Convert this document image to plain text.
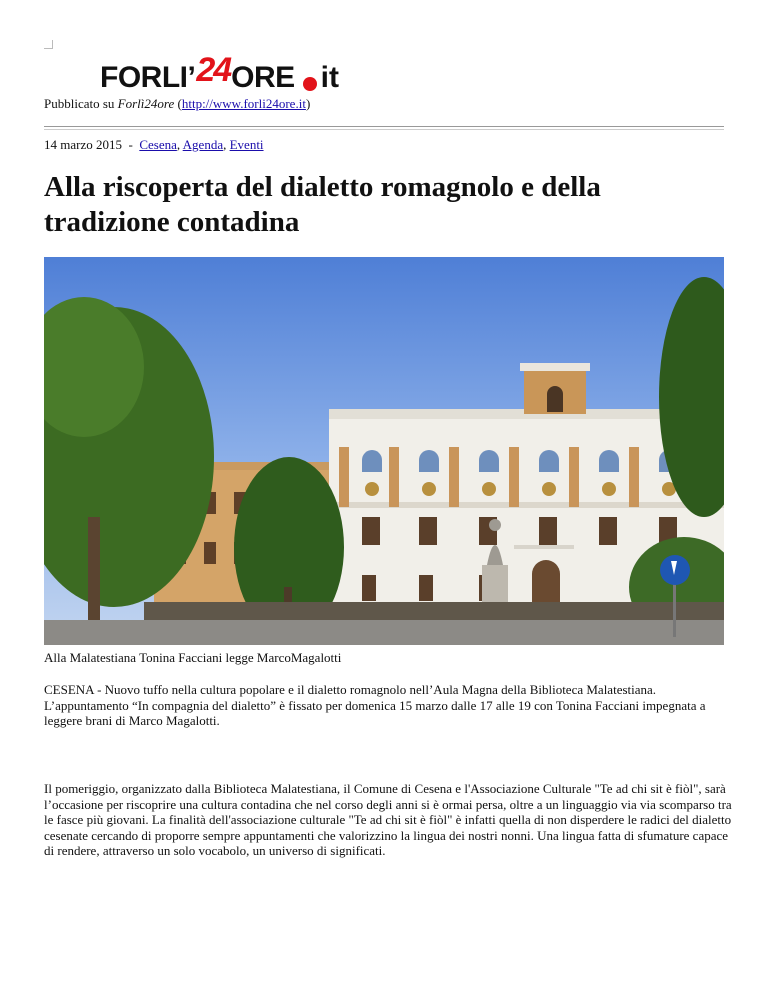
FORLI’ 24 ORE it
Pubblicato su Forlì24ore (http://www.forli24ore.it)
14 marzo 2015 - Cesena, Agenda, Eventi
Alla riscoperta del dialetto romagnolo e della tradizione contadina
Alla Malatestiana Tonina Facciani legge MarcoMagalotti

CESENA - Nuovo tuffo nella cultura popolare e il dialetto romagnolo nell’Aula Magna della Biblioteca Malatestiana. L’appuntamento “In compagnia del dialetto” è fissato per domenica 15 marzo dalle 17 alle 19 con Tonina Facciani impegnata a leggere brani di Marco Magalotti.

Il pomeriggio, organizzato dalla Biblioteca Malatestiana, il Comune di Cesena e l'Associazione Culturale "Te ad chi sit è fiòl", sarà l’occasione per riscoprire una cultura contadina che nel corso degli anni si è ormai persa, oltre a un linguaggio via via scomparso tra le fasce più giovani. La finalità dell'associazione culturale "Te ad chi sit è fiòl" è infatti quella di non disperdere le radici del dialetto cesenate cercando di proporre sempre appuntamenti che valorizzino la lingua dei nostri nonni. Una lingua fatta di sfumature capace di rendere, attraverso un solo vocabolo, un universo di significati.
